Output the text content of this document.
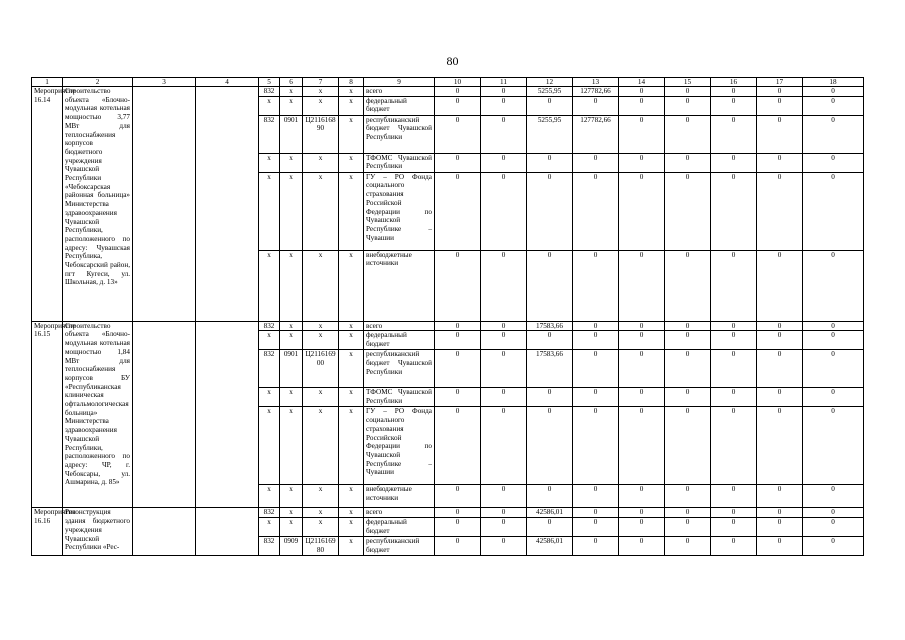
80
1	2	3	4	5	6	7	8	9	10	11	12	13	14	15	16	17	18
Мероприятие 16.14	Строительство объекта «Блочно-модульная котельная мощностью 3,77 МВт для теплоснабжения корпусов бюджетного учреждения Чувашской Республики «Чебоксарская районная больница» Министерства здравоохранения Чувашской Республики, расположенного по адресу: Чувашская Республика, Чебоксарский район, пгт Кугеси, ул. Школьная, д. 13»			832	x	x	x	всего	0	0	5255,95	127782,66	0	0	0	0	0
				x	x	x	x	федеральный бюджет	0	0	0	0	0	0	0	0	0
				832	0901	Ц2116168 90	x	республиканский бюджет Чувашской Республики	0	0	5255,95	127782,66	0	0	0	0	0
				x	x	x	x	ТФОМС Чувашской Республики	0	0	0	0	0	0	0	0	0
				x	x	x	x	ГУ – РО Фонда социального страхования Российской Федерации по Чувашской Республике – Чувашии	0	0	0	0	0	0	0	0	0
				x	x	x	x	внебюджетные источники	0	0	0	0	0	0	0	0	0
Мероприятие 16.15	Строительство объекта «Блочно-модульная котельная мощностью 1,84 МВт для теплоснабжения корпусов БУ «Республиканская клиническая офтальмологическая больница» Министерства здравоохранения Чувашской Республики, расположенного по адресу: ЧР, г. Чебоксары, ул. Ашмарина, д. 85»			832	x	x	x	всего	0	0	17583,66	0	0	0	0	0	0
				x	x	x	x	федеральный бюджет	0	0	0	0	0	0	0	0	0
				832	0901	Ц2116169 00	x	республиканский бюджет Чувашской Республики	0	0	17583,66	0	0	0	0	0	0
				x	x	x	x	ТФОМС Чувашской Республики	0	0	0	0	0	0	0	0	0
				x	x	x	x	ГУ – РО Фонда социального страхования Российской Федерации по Чувашской Республике – Чувашии	0	0	0	0	0	0	0	0	0
				x	x	x	x	внебюджетные источники	0	0	0	0	0	0	0	0	0
Мероприятие 16.16	Реконструкция здания бюджетного учреждения Чувашской Республики «Рес-			832	x	x	x	всего	0	0	42586,01	0	0	0	0	0	0
				x	x	x	x	федеральный бюджет	0	0	0	0	0	0	0	0	0
				832	0909	Ц2116169 80	x	республиканский бюджет	0	0	42586,01	0	0	0	0	0	0
